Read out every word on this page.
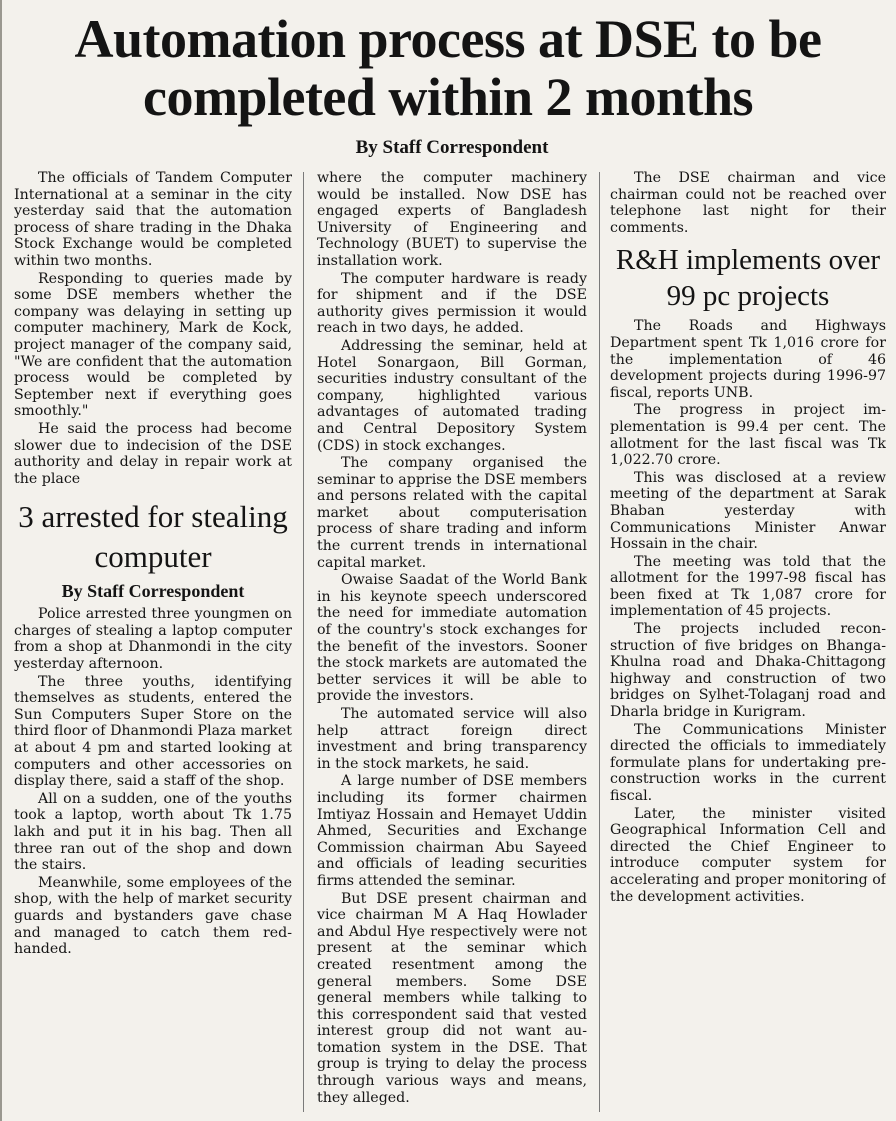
Automation process at DSE to be completed within 2 months
By Staff Correspondent

The officials of Tandem Computer International at a seminar in the city yesterday said that the automation process of share trading in the Dhaka Stock Exchange would be completed within two months.

Responding to queries made by some DSE members whether the company was delaying in setting up computer machinery, Mark de Kock, project manager of the company said, "We are confident that the automation process would be completed by September next if everything goes smoothly."

He said the process had become slower due to indecision of the DSE authority and delay in repair work at the place

3 arrested for stealing computer
By Staff Correspondent

Police arrested three youngmen on charges of stealing a laptop computer from a shop at Dhanmondi in the city yesterday afternoon.

The three youths, identifying themselves as students, entered the Sun Computers Super Store on the third floor of Dhanmondi Plaza market at about 4 pm and started looking at computers and other accessories on display there, said a staff of the shop.

All on a sudden, one of the youths took a laptop, worth about Tk 1.75 lakh and put it in his bag. Then all three ran out of the shop and down the stairs.

Meanwhile, some employees of the shop, with the help of market security guards and bystanders gave chase and managed to catch them red-handed.

where the computer machinery would be installed. Now DSE has engaged experts of Bangladesh University of Engineering and Technology (BUET) to supervise the installation work.

The computer hardware is ready for shipment and if the DSE authority gives permission it would reach in two days, he added.

Addressing the seminar, held at Hotel Sonargaon, Bill Gorman, securities industry consultant of the company, highlighted various advantages of automated trading and Central Depository System (CDS) in stock exchanges.

The company organised the seminar to apprise the DSE members and persons related with the capital market about computerisation process of share trading and inform the current trends in international capital market.

Owaise Saadat of the World Bank in his keynote speech underscored the need for immediate automation of the country's stock exchanges for the benefit of the investors. Sooner the stock markets are automated the better services it will be able to provide the investors.

The automated service will also help attract foreign direct investment and bring transparency in the stock markets, he said.

A large number of DSE members including its former chairmen Imtiyaz Hossain and Hemayet Uddin Ahmed, Securities and Exchange Commission chairman Abu Sayeed and officials of leading securities firms attended the seminar.

But DSE present chairman and vice chairman M A Haq Howlader and Abdul Hye respectively were not present at the seminar which created resentment among the general members. Some DSE general members while talking to this correspondent said that vested interest group did not want automation system in the DSE. That group is trying to delay the process through various ways and means, they alleged.

The DSE chairman and vice chairman could not be reached over telephone last night for their comments.

R&H implements over 99 pc projects

The Roads and Highways Department spent Tk 1,016 crore for the implementation of 46 development projects during 1996-97 fiscal, reports UNB.

The progress in project implementation is 99.4 per cent. The allotment for the last fiscal was Tk 1,022.70 crore.

This was disclosed at a review meeting of the department at Sarak Bhaban yesterday with Communications Minister Anwar Hossain in the chair.

The meeting was told that the allotment for the 1997-98 fiscal has been fixed at Tk 1,087 crore for implementation of 45 projects.

The projects included reconstruction of five bridges on Bhanga-Khulna road and Dhaka-Chittagong highway and construction of two bridges on Sylhet-Tolaganj road and Dharla bridge in Kurigram.

The Communications Minister directed the officials to immediately formulate plans for undertaking pre-construction works in the current fiscal.

Later, the minister visited Geographical Information Cell and directed the Chief Engineer to introduce computer system for accelerating and proper monitoring of the development activities.
